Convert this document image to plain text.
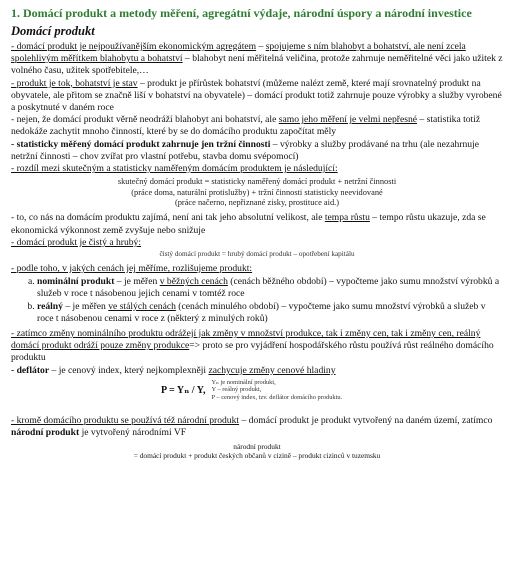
1. Domácí produkt a metody měření, agregátní výdaje, národní úspory a národní investice
Domácí produkt

- domácí produkt je nejpoužívanějším ekonomickým agregátem – spojujeme s ním blahobyt a bohatství, ale není zcela spolehlivým měřítkem blahobytu a bohatství – blahobyt není měřitelná veličina, protože zahrnuje neměřitelné věci jako užitek z volného času, užitek spotřebitele,…

- produkt je tok, bohatství je stav – produkt je přírůstek bohatství (můžeme nalézt země, které mají srovnatelný produkt na obyvatele, ale přitom se značně liší v bohatství na obyvatele) – domácí produkt totiž zahrnuje pouze výrobky a služby vyrobené a poskytnuté v daném roce

- nejen, že domácí produkt věrně neodráží blahobyt ani bohatství, ale samo jeho měření je velmi nepřesné – statistika totiž nedokáže zachytit mnoho činností, které by se do domácího produktu započítat měly

- statisticky měřený domácí produkt zahrnuje jen tržní činnosti – výrobky a služby prodávané na trhu (ale nezahrnuje netržní činnosti – chov zvířat pro vlastní potřebu, stavba domu svépomocí)

- rozdíl mezi skutečným a statisticky naměřeným domácím produktem je následující:

skutečný domácí produkt = statisticky naměřený domácí produkt + netržní činnosti
(práce doma, naturální protislužby) + tržní činnosti statisticky neevidované
(práce načerno, nepřiznané zisky, prostituce aid.)

- to, co nás na domácím produktu zajímá, není ani tak jeho absolutní velikost, ale tempa růstu – tempo růstu ukazuje, zda se ekonomická výkonnost země zvyšuje nebo snižuje

- domácí produkt je čistý a hrubý:

čistý domácí produkt = hrubý domácí produkt – opotřebení kapitálu

- podle toho, v jakých cenách jej měříme, rozlišujeme produkt:

a. nominální produkt – je měřen v běžných cenách (cenách běžného období) – vypočteme jako sumu množství výrobků a služeb v roce t násobenou jejich cenami v tomtéž roce
b. reálný – je měřen ve stálých cenách (cenách minulého období) – vypočteme jako sumu množství výrobků a služeb v roce t násobenou cenami v roce z (některý z minulých roků)

- zatímco změny nominálního produktu odrážejí jak změny v množství produkce, tak i změny cen, tak i změny cen, reálný domácí produkt odráží pouze změny produkce=> proto se pro vyjádření hospodářského růstu používá růst reálného domácího produktu

- deflátor – je cenový index, který nejkomplexněji zachycuje změny cenové hladiny

P = Yₙ / Y,
Yₙ je nominální produkt,
Y – reálný produkt,
P – cenový index, tzv. deflátor domácího produktu.

- kromě domácího produktu se používá též národní produkt – domácí produkt je produkt vytvořený na daném území, zatímco národní produkt je vytvořený národními VF

národní produkt
= domácí produkt + produkt českých občanů v cizině – produkt cizinců v tuzemsku
